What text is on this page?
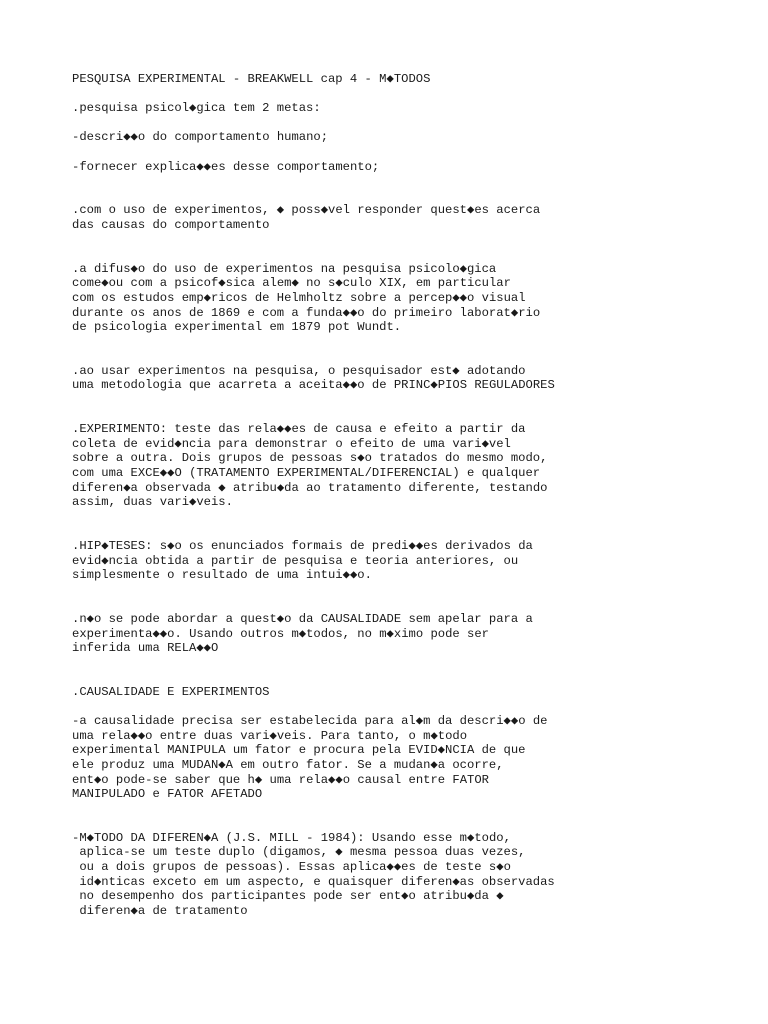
PESQUISA EXPERIMENTAL - BREAKWELL cap 4 - M◆TODOS

.pesquisa psicol◆gica tem 2 metas:

-descri◆◆o do comportamento humano;

-fornecer explica◆◆es desse comportamento;

.com o uso de experimentos, ◆ poss◆vel responder quest◆es acerca

das causas do comportamento

.a difus◆o do uso de experimentos na pesquisa psicolo◆gica

come◆ou com a psicof◆sica alem◆ no s◆culo XIX, em particular

com os estudos emp◆ricos de Helmholtz sobre a percep◆◆o visual

durante os anos de 1869 e com a funda◆◆o do primeiro laborat◆rio

de psicologia experimental em 1879 pot Wundt.

.ao usar experimentos na pesquisa, o pesquisador est◆ adotando

uma metodologia que acarreta a aceita◆◆o de PRINC◆PIOS REGULADORES

.EXPERIMENTO: teste das rela◆◆es de causa e efeito a partir da

coleta de evid◆ncia para demonstrar o efeito de uma vari◆vel

sobre a outra. Dois grupos de pessoas s◆o tratados do mesmo modo,

com uma EXCE◆◆O (TRATAMENTO EXPERIMENTAL/DIFERENCIAL) e qualquer

diferen◆a observada ◆ atribu◆da ao tratamento diferente, testando

assim, duas vari◆veis.

.HIP◆TESES: s◆o os enunciados formais de predi◆◆es derivados da

evid◆ncia obtida a partir de pesquisa e teoria anteriores, ou

simplesmente o resultado de uma intui◆◆o.

.n◆o se pode abordar a quest◆o da CAUSALIDADE sem apelar para a

experimenta◆◆o. Usando outros m◆todos, no m◆ximo pode ser

inferida uma RELA◆◆O

.CAUSALIDADE E EXPERIMENTOS

-a causalidade precisa ser estabelecida para al◆m da descri◆◆o de

uma rela◆◆o entre duas vari◆veis. Para tanto, o m◆todo

experimental MANIPULA um fator e procura pela EVID◆NCIA de que

ele produz uma MUDAN◆A em outro fator. Se a mudan◆a ocorre,

ent◆o pode-se saber que h◆ uma rela◆◆o causal entre FATOR

MANIPULADO e FATOR AFETADO

-M◆TODO DA DIFEREN◆A (J.S. MILL - 1984): Usando esse m◆todo,

aplica-se um teste duplo (digamos, ◆ mesma pessoa duas vezes,

ou a dois grupos de pessoas). Essas aplica◆◆es de teste s◆o

id◆nticas exceto em um aspecto, e quaisquer diferen◆as observadas

no desempenho dos participantes pode ser ent◆o atribu◆da ◆

diferen◆a de tratamento
